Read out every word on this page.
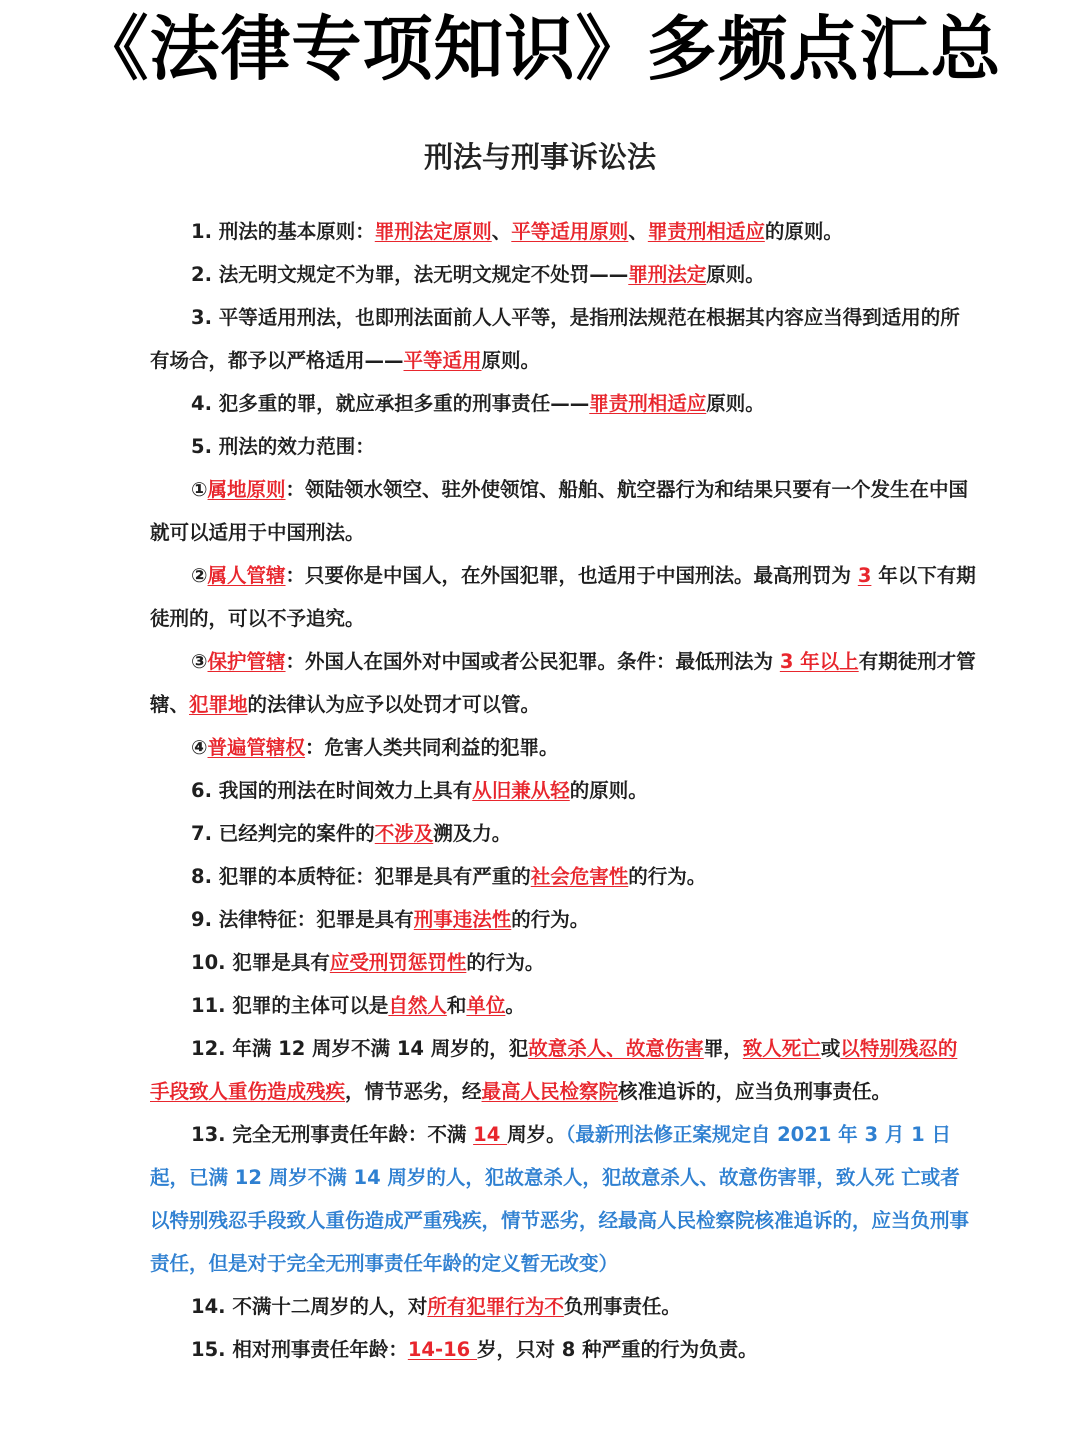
《法律专项知识》多频点汇总
刑法与刑事诉讼法
1. 刑法的基本原则：罪刑法定原则、平等适用原则、罪责刑相适应的原则。
2. 法无明文规定不为罪，法无明文规定不处罚——罪刑法定原则。
3. 平等适用刑法，也即刑法面前人人平等，是指刑法规范在根据其内容应当得到适用的所有场合，都予以严格适用——平等适用原则。
4. 犯多重的罪，就应承担多重的刑事责任——罪责刑相适应原则。
5. 刑法的效力范围：
①属地原则：领陆领水领空、驻外使领馆、船舶、航空器行为和结果只要有一个发生在中国就可以适用于中国刑法。
②属人管辖：只要你是中国人，在外国犯罪，也适用于中国刑法。最高刑罚为 3 年以下有期徒刑的，可以不予追究。
③保护管辖：外国人在国外对中国或者公民犯罪。条件：最低刑法为 3 年以上有期徒刑才管辖、犯罪地的法律认为应予以处罚才可以管。
④普遍管辖权：危害人类共同利益的犯罪。
6. 我国的刑法在时间效力上具有从旧兼从轻的原则。
7. 已经判完的案件的不涉及溯及力。
8. 犯罪的本质特征：犯罪是具有严重的社会危害性的行为。
9. 法律特征：犯罪是具有刑事违法性的行为。
10. 犯罪是具有应受刑罚惩罚性的行为。
11. 犯罪的主体可以是自然人和单位。
12. 年满 12 周岁不满 14 周岁的，犯故意杀人、故意伤害罪，致人死亡或以特别残忍的手段致人重伤造成残疾，情节恶劣，经最高人民检察院核准追诉的，应当负刑事责任。
13. 完全无刑事责任年龄：不满 14 周岁。（最新刑法修正案规定自 2021 年 3 月 1 日起，已满 12 周岁不满 14 周岁的人，犯故意杀人，犯故意杀人、故意伤害罪，致人死 亡或者以特别残忍手段致人重伤造成严重残疾，情节恶劣，经最高人民检察院核准追诉的，应当负刑事责任，但是对于完全无刑事责任年龄的定义暂无改变）
14. 不满十二周岁的人，对所有犯罪行为不负刑事责任。
15. 相对刑事责任年龄：14-16 岁，只对 8 种严重的行为负责。
